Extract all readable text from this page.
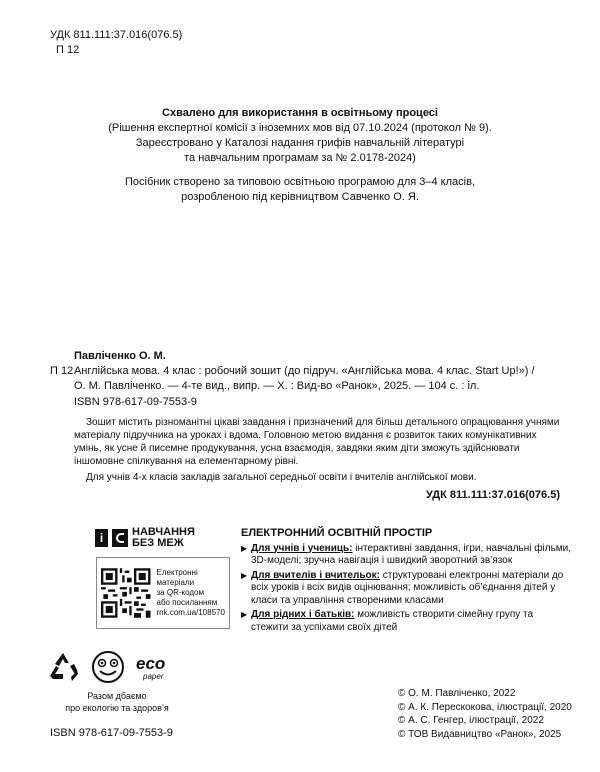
УДК 811.111:37.016(076.5)
П 12
Схвалено для використання в освітньому процесі
(Рішення експертної комісії з іноземних мов від 07.10.2024 (протокол № 9).
Зареєстровано у Каталозі надання грифів навчальній літературі
та навчальним програмам за № 2.0178-2024)
Посібник створено за типовою освітньою програмою для 3–4 класів,
розробленою під керівництвом Савченко О. Я.
Павліченко О. М.
П 12 Англійська мова. 4 клас : робочий зошит (до підруч. «Англійська мова. 4 клас. Start Up!») /
О. М. Павліченко. — 4-те вид., випр. — Х. : Вид-во «Ранок», 2025. — 104 с. : іл.
ISBN 978-617-09-7553-9
Зошит містить різноманітні цікаві завдання і призначений для більш детального опрацювання учнями матеріалу підручника на уроках і вдома. Головною метою видання є розвиток таких комунікативних умінь, як усне й писемне продукування, усна взаємодія, завдяки яким діти зможуть здійснювати іншомовне спілкування на елементарному рівні.
Для учнів 4-х класів закладів загальної середньої освіти і вчителів англійської мови.
УДК 811.111:37.016(076.5)
i	НАВЧАННЯ
БЕЗ МЕЖ
Електронні
матеріали
за QR-кодом
або посиланням
rnk.com.ua/108570
ЕЛЕКТРОННИЙ ОСВІТНІЙ ПРОСТІР
▶ Для учнів і учениць: інтерактивні завдання, ігри, навчальні фільми, 3D-моделі; зручна навігація і швидкий зворотний зв’язок
▶ Для вчителів і вчительок: структуровані електронні матеріали до всіх уроків і всіх видів оцінювання; можливість об’єднання дітей у класи та управління створеними класами
▶ Для рідних і батьків: можливість створити сімейну групу та стежити за успіхами своїх дітей
eco
paper
Разом дбаємо
про екологію та здоров’я
ISBN 978-617-09-7553-9
© О. М. Павліченко, 2022
© А. К. Перескокова, ілюстрації, 2020
© А. С. Генгер, ілюстрації, 2022
© ТОВ Видавництво «Ранок», 2025
